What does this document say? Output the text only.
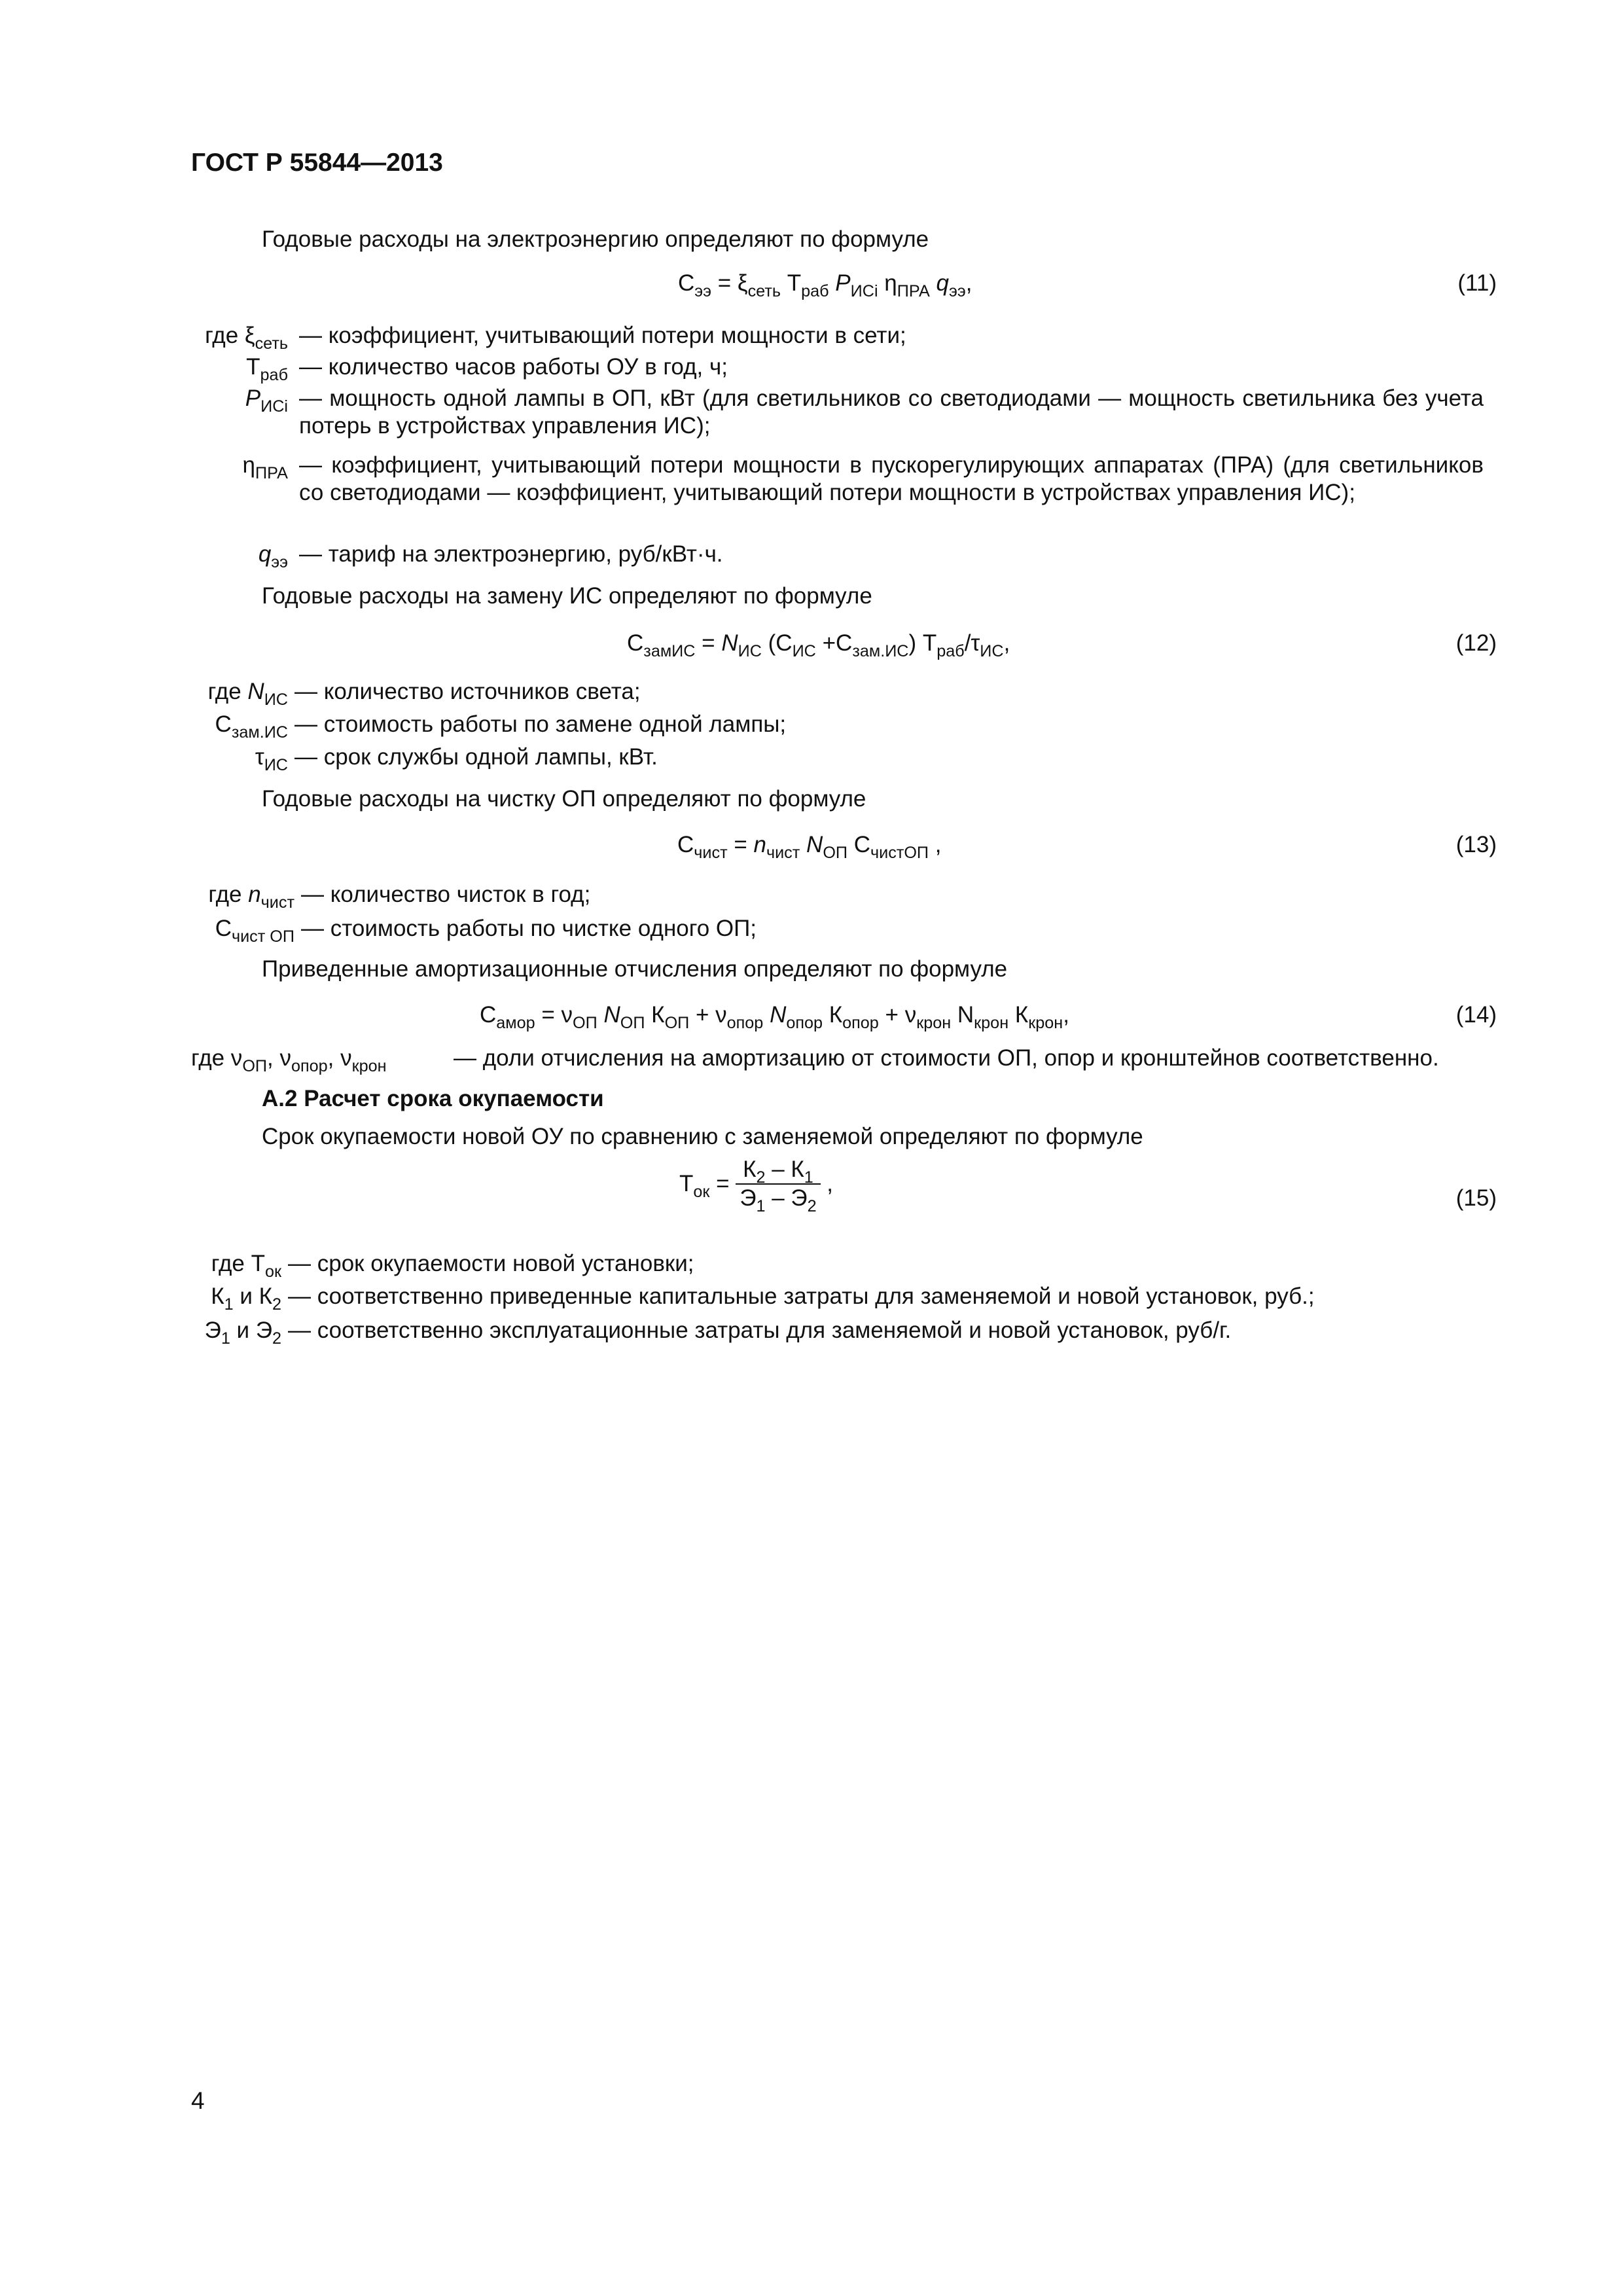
ГОСТ Р 55844—2013
Годовые расходы на электроэнергию определяют по формуле
$С_{ээ} = \xi_{сеть}$ $Т_{раб}$ $P_{ИСi}$ $\eta_{ПРА}$ $q_{ээ}$,	(11)
где $\xi_{сеть}$ — коэффициент, учитывающий потери мощности в сети;
$Т_{раб}$ — количество часов работы ОУ в год, ч;
$P_{ИСi}$ — мощность одной лампы в ОП, кВт (для светильников со светодиодами — мощность светильника без учета потерь в устройствах управления ИС);
$\eta_{ПРА}$ — коэффициент, учитывающий потери мощности в пускорегулирующих аппаратах (ПРА) (для светильников со светодиодами — коэффициент, учитывающий потери мощности в устройствах управления ИС);
$q_{ээ}$ — тариф на электроэнергию, руб/кВт·ч.
Годовые расходы на замену ИС определяют по формуле
$С_{замИС} = N_{ИС}$ $(С_{ИС} +С_{зам.ИС})$ $Т_{раб}/\tau_{ИС}$,	(12)
где $N_{ИС}$ — количество источников света;
$С_{зам.ИС}$ — стоимость работы по замене одной лампы;
$\tau_{ИС}$ — срок службы одной лампы, кВт.
Годовые расходы на чистку ОП определяют по формуле
$С_{чист} = n_{чист}$ $N_{ОП}$ $С_{чистОП}$ ,	(13)
где $n_{чист}$ — количество чисток в год;
$С_{чист ОП}$ — стоимость работы по чистке одного ОП;
Приведенные амортизационные отчисления определяют по формуле
$С_{амор} = \nu_{ОП}$ $N_{ОП}$ $К_{ОП} + \nu_{опор}$ $N_{опор}$ $К_{опор} + \nu_{крон}$ $N_{крон}$ $К_{крон}$,	(14)
где $\nu_{ОП}$, $\nu_{опор}$, $\nu_{крон}$	— доли отчисления на амортизацию от стоимости ОП, опор и кронштейнов соответственно.
А.2 Расчет срока окупаемости
Срок окупаемости новой ОУ по сравнению с заменяемой определяют по формуле
$Т_{ок} = \frac{К_2 - К_1}{Э_1 - Э_2}$ ,
(15)
где $Т_{ок}$ — срок окупаемости новой установки;
$К_1$ и $К_2$ — соответственно приведенные капитальные затраты для заменяемой и новой установок, руб.;
$Э_1$ и $Э_2$ — соответственно эксплуатационные затраты для заменяемой и новой установок, руб/г.
4
